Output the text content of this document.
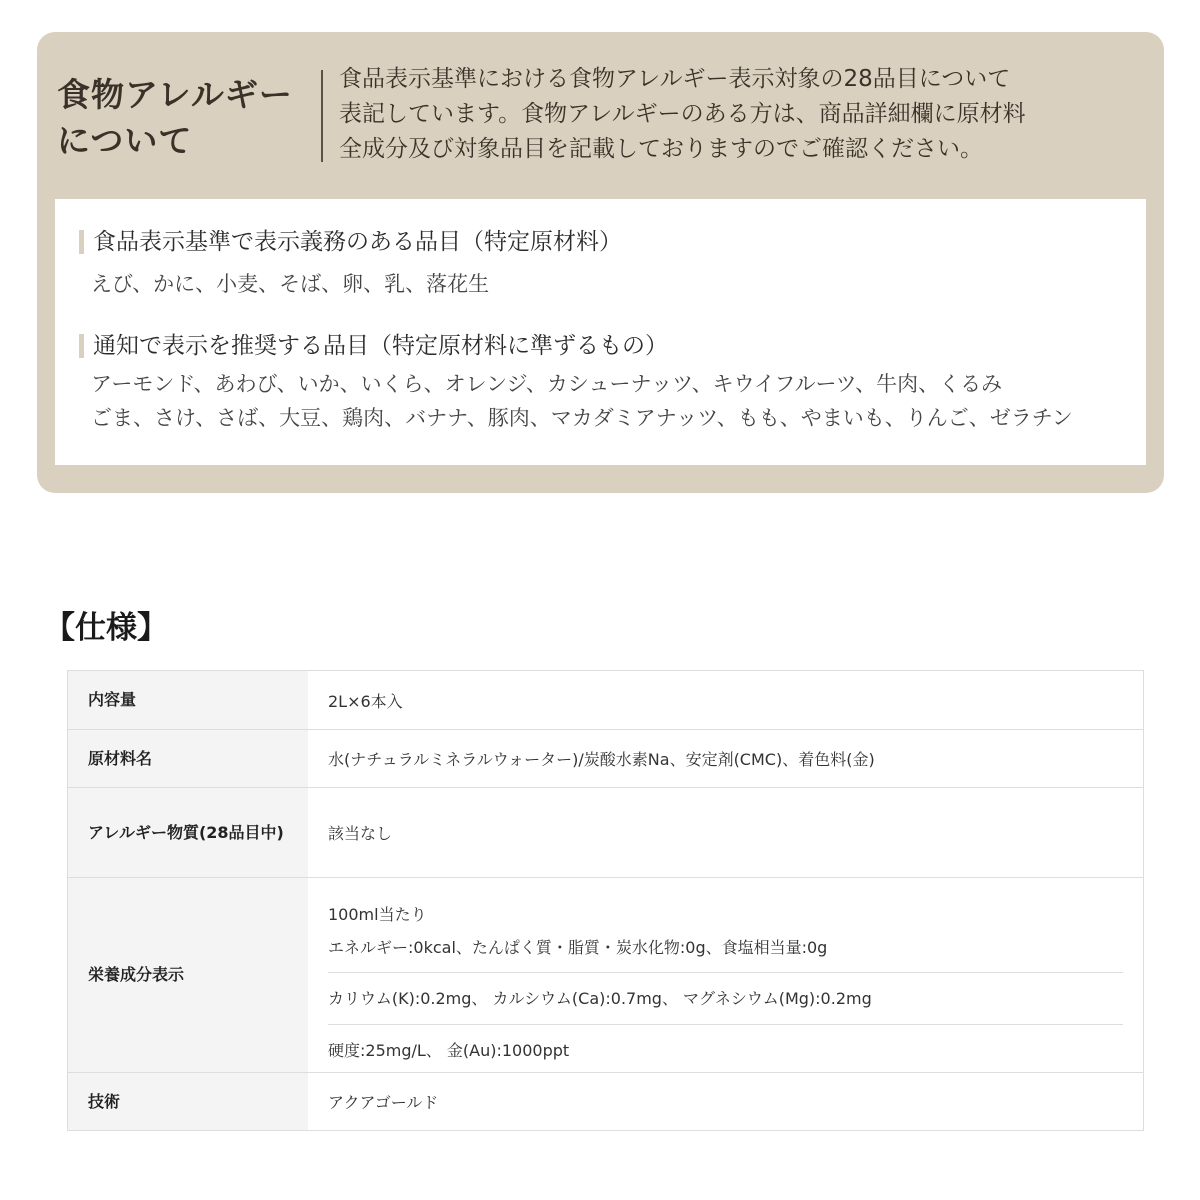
食物アレルギー
について

食品表示基準における食物アレルギー表示対象の28品目について
表記しています。食物アレルギーのある方は、商品詳細欄に原材料
全成分及び対象品目を記載しておりますのでご確認ください。

食品表示基準で表示義務のある品目（特定原材料）
えび、かに、小麦、そば、卵、乳、落花生
通知で表示を推奨する品目（特定原材料に準ずるもの）
アーモンド、あわび、いか、いくら、オレンジ、カシューナッツ、キウイフルーツ、牛肉、くるみ
ごま、さけ、さば、大豆、鶏肉、バナナ、豚肉、マカダミアナッツ、もも、やまいも、りんご、ゼラチン
【仕様】
内容量	2L×6本入
原材料名	水(ナチュラルミネラルウォーター)/炭酸水素Na、安定剤(CMC)、着色料(金)
アレルギー物質(28品目中)	該当なし
栄養成分表示
100ml当たり
エネルギー:0kcal、たんぱく質・脂質・炭水化物:0g、食塩相当量:0g
カリウム(K):0.2mg、 カルシウム(Ca):0.7mg、 マグネシウム(Mg):0.2mg
硬度:25mg/L、 金(Au):1000ppt
技術	アクアゴールド
